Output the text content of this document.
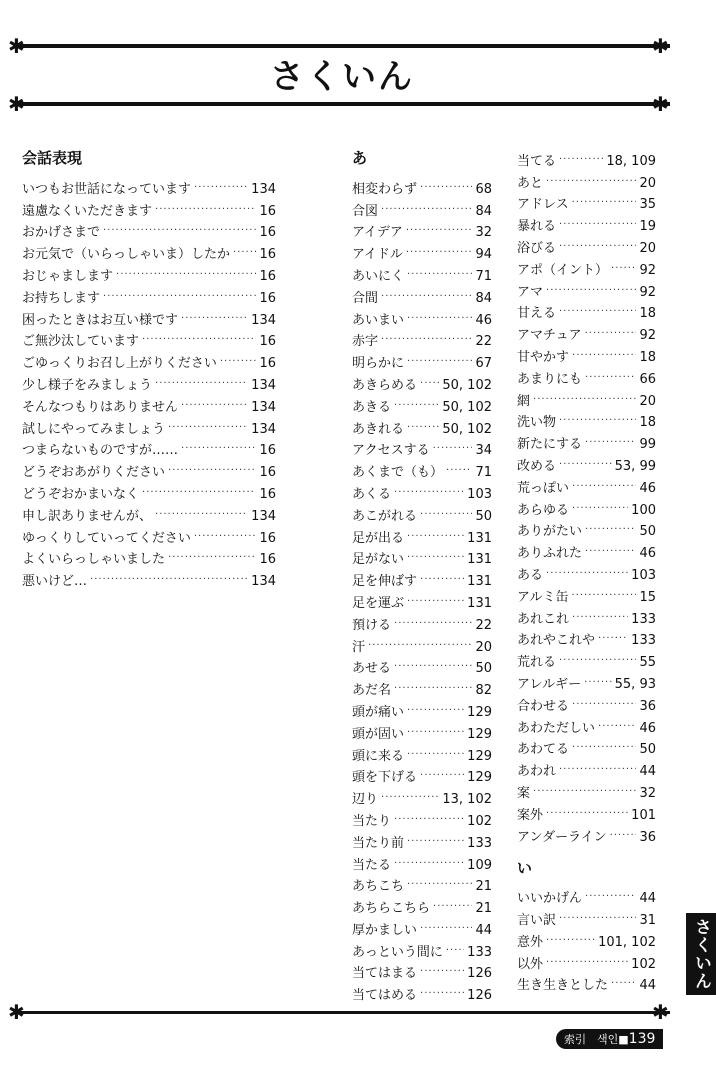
✱	✱
✱	✱
✱	✱
さくいん
会話表現
いつもお世話になっています ·····	134
遠慮なくいただきます ·····	16
おかげさまで ·····	16
お元気で（いらっしゃいま）したか ····· 16
おじゃまします ·····	16
お持ちします ·····	16
困ったときはお互い様です ·····	134
ご無沙汰しています ·····	16
ごゆっくりお召し上がりください ·····	16
少し様子をみましょう ·····	134
そんなつもりはありません ·····	134
試しにやってみましょう ·····	134
つまらないものですが…… ·····	16
どうぞおあがりください ·····	16
どうぞおかまいなく ·····	16
申し訳ありませんが、 ·····	134
ゆっくりしていってください ·····	16
よくいらっしゃいました ·····	16
悪いけど… ·····	134
あ
相変わらず ·····	68
合図 ·····	84
アイデア ·····	32
アイドル ·····	94
あいにく ·····	71
合間 ·····	84
あいまい ·····	46
赤字 ·····	22
明らかに ·····	67
あきらめる ····· 50, 102
あきる ·····	50, 102
あきれる ·····	50, 102
アクセスする ·····	34
あくまで（も） ····· 71
あくる ·····	103
あこがれる ·····	50
足が出る ·····	131
足がない ·····	131
足を伸ばす ·····	131
足を運ぶ ·····	131
預ける ·····	22
汗 ·····	20
あせる ·····	50
あだ名 ·····	82
頭が痛い ·····	129
頭が固い ·····	129
頭に来る ·····	129
頭を下げる ·····	129
辺り ·····	13, 102
当たり ·····	102
当たり前 ·····	133
当たる ·····	109
あちこち ·····	21
あちらこちら ·····	21
厚かましい ·····	44
あっという間に ····· 133
当てはまる ·····	126
当てはめる ·····	126
当てる ·····	18, 109
あと ·····	20
アドレス ·····	35
暴れる ·····	19
浴びる ·····	20
アポ（イント） ····· 92
アマ ·····	92
甘える ·····	18
アマチュア ·····	92
甘やかす ·····	18
あまりにも ·····	66
網 ·····	20
洗い物 ·····	18
新たにする ·····	99
改める ·····	53, 99
荒っぽい ·····	46
あらゆる ·····	100
ありがたい ·····	50
ありふれた ·····	46
ある ·····	103
アルミ缶 ·····	15
あれこれ ·····	133
あれやこれや ·····	133
荒れる ·····	55
アレルギー ·····	55, 93
合わせる ·····	36
あわただしい ·····	46
あわてる ·····	50
あわれ ·····	44
案 ·····	32
案外 ·····	101
アンダーライン ·····	36
い
いいかげん ·····	44
言い訳 ·····	31
意外 ·····	101, 102
以外 ·····	102
生き生きとした ····· 44 さくいん
索引　색인■139
